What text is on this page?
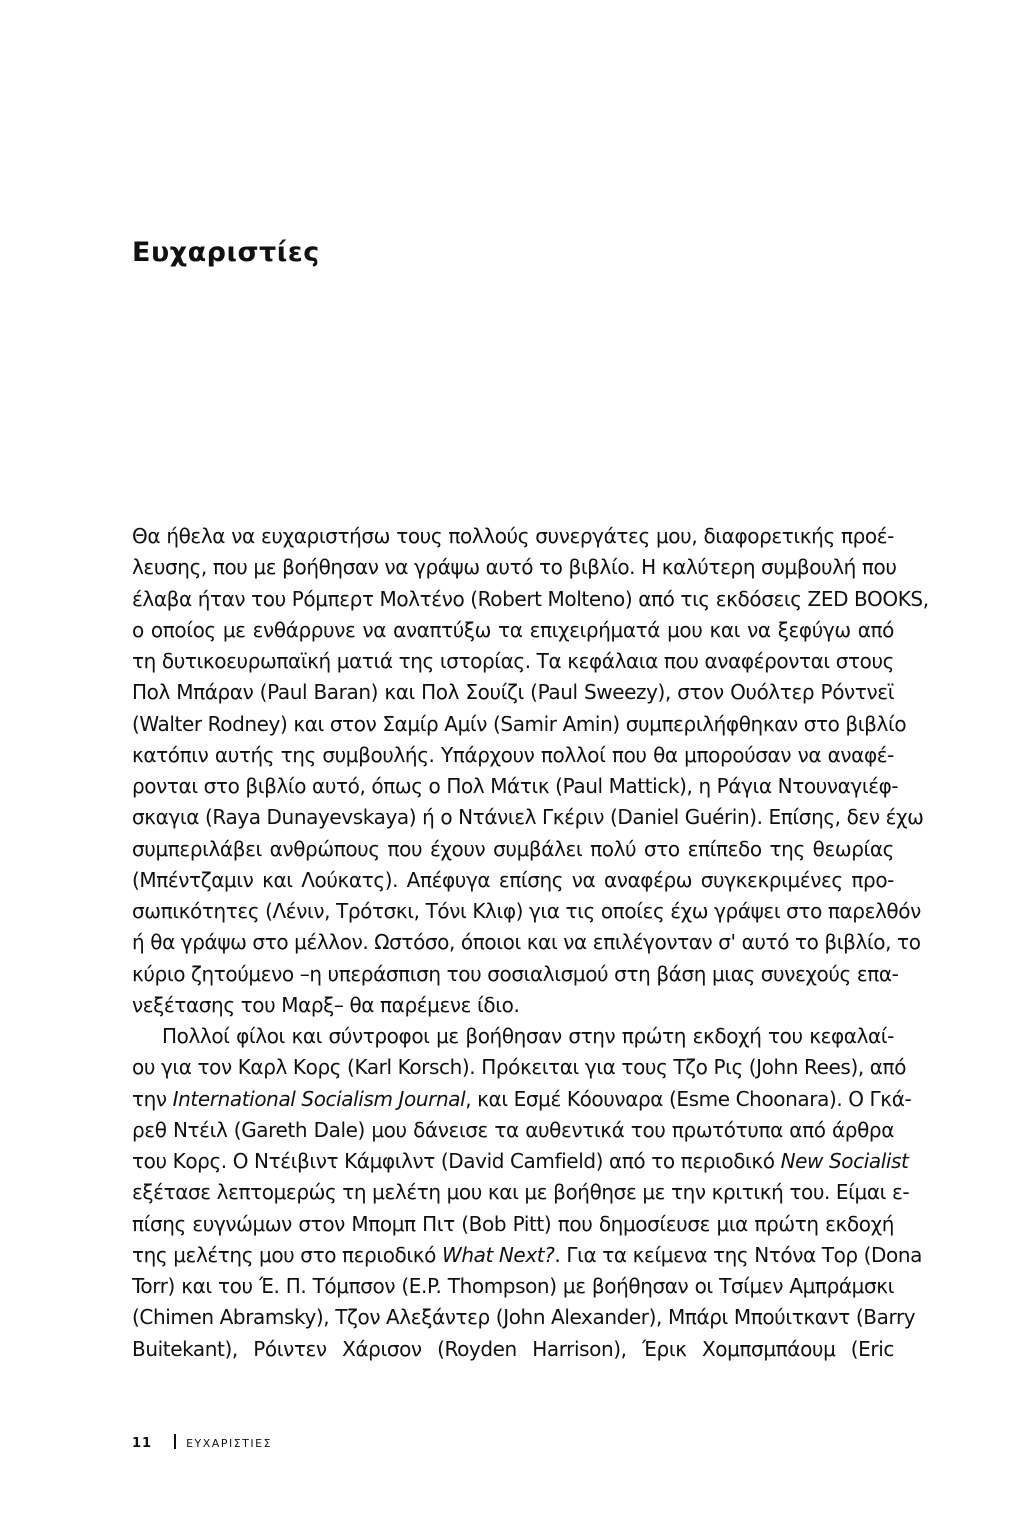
Ευχαριστίες
Θα ήθελα να ευχαριστήσω τους πολλούς συνεργάτες μου, διαφορετικής προέ-
λευσης, που με βοήθησαν να γράψω αυτό το βιβλίο. Η καλύτερη συμβουλή που
έλαβα ήταν του Ρόμπερτ Μολτένο (Robert Molteno) από τις εκδόσεις ZED BOOKS,
ο οποίος με ενθάρρυνε να αναπτύξω τα επιχειρήματά μου και να ξεφύγω από
τη δυτικοευρωπαϊκή ματιά της ιστορίας. Τα κεφάλαια που αναφέρονται στους
Πολ Μπάραν (Paul Baran) και Πολ Σουίζι (Paul Sweezy), στον Ουόλτερ Ρόντνεϊ
(Walter Rodney) και στον Σαμίρ Αμίν (Samir Amin) συμπεριλήφθηκαν στο βιβλίο
κατόπιν αυτής της συμβουλής. Υπάρχουν πολλοί που θα μπορούσαν να αναφέ-
ρονται στο βιβλίο αυτό, όπως ο Πολ Μάτικ (Paul Mattick), η Ράγια Ντουναγιέφ-
σκαγια (Raya Dunayevskaya) ή ο Ντάνιελ Γκέριν (Daniel Guérin). Επίσης, δεν έχω
συμπεριλάβει ανθρώπους που έχουν συμβάλει πολύ στο επίπεδο της θεωρίας
(Μπέντζαμιν και Λούκατς). Απέφυγα επίσης να αναφέρω συγκεκριμένες προ-
σωπικότητες (Λένιν, Τρότσκι, Τόνι Κλιφ) για τις οποίες έχω γράψει στο παρελθόν
ή θα γράψω στο μέλλον. Ωστόσο, όποιοι και να επιλέγονταν σ' αυτό το βιβλίο, το
κύριο ζητούμενο –η υπεράσπιση του σοσιαλισμού στη βάση μιας συνεχούς επα-
νεξέτασης του Μαρξ– θα παρέμενε ίδιο.
Πολλοί φίλοι και σύντροφοι με βοήθησαν στην πρώτη εκδοχή του κεφαλαί-
ου για τον Καρλ Κορς (Karl Korsch). Πρόκειται για τους Τζο Ρις (John Rees), από
την International Socialism Journal, και Εσμέ Κόουναρα (Esme Choonara). Ο Γκά-
ρεθ Ντέιλ (Gareth Dale) μου δάνεισε τα αυθεντικά του πρωτότυπα από άρθρα
του Κορς. Ο Ντέιβιντ Κάμφιλντ (David Camfield) από το περιοδικό New Socialist
εξέτασε λεπτομερώς τη μελέτη μου και με βοήθησε με την κριτική του. Είμαι ε-
πίσης ευγνώμων στον Μπομπ Πιτ (Bob Pitt) που δημοσίευσε μια πρώτη εκδοχή
της μελέτης μου στο περιοδικό What Next?. Για τα κείμενα της Ντόνα Τορ (Dona
Torr) και του Έ. Π. Τόμπσον (E.P. Thompson) με βοήθησαν οι Τσίμεν Αμπράμσκι
(Chimen Abramsky), Τζον Αλεξάντερ (John Alexander), Μπάρι Μπούιτκαντ (Barry
Buitekant), Ρόιντεν Χάρισον (Royden Harrison), Έρικ Χομπσμπάουμ (Eric
11	ΕΥΧΑΡΙΣΤΙΕΣ
